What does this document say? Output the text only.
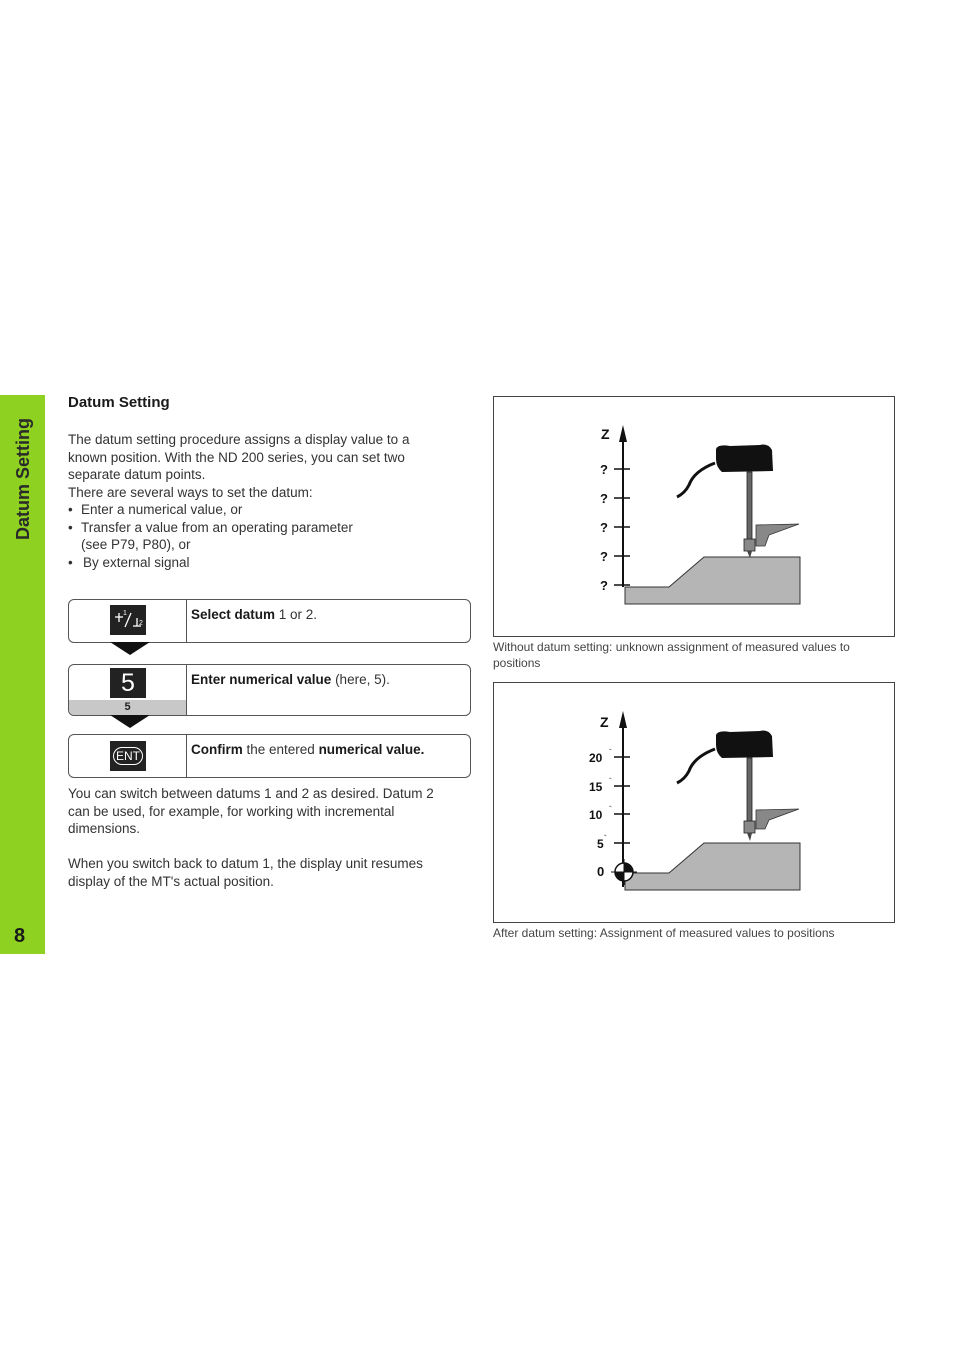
Datum Setting
8
Datum Setting

The datum setting procedure assigns a display value to a

known position. With the ND 200 series, you can set two

separate datum points.

There are several ways to set the datum:

• Enter a numerical value, or
• Transfer a value from an operating parameter
(see P79, P80), or
• By external signal
1
2
Select datum 1 or 2.
5
5
Enter numerical value (here, 5).
ENT	Confirm the entered numerical value.

You can switch between datums 1 and 2 as desired. Datum 2

can be used, for example, for working with incremental

dimensions.

When you switch back to datum 1, the display unit resumes

display of the MT's actual position.

Z
?
?
?
?
?
Without datum setting: unknown assignment of measured values to
positions
Z
20
15
10
5
0
‶
‶
‶
‶
After datum setting: Assignment of measured values to positions
